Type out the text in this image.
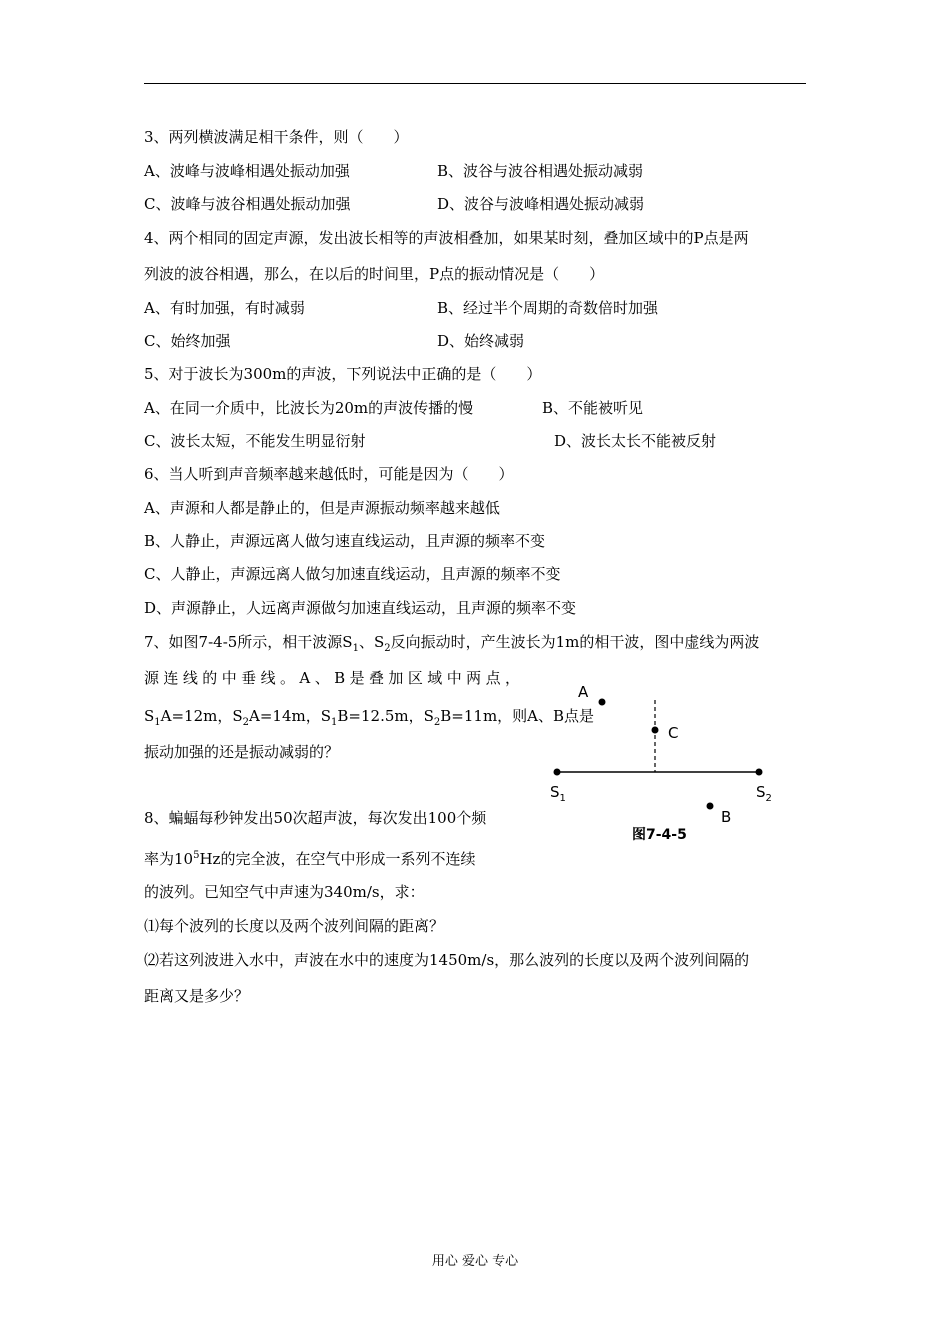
3、两列横波满足相干条件，则（　　）
A、波峰与波峰相遇处振动加强	B、波谷与波谷相遇处振动减弱
C、波峰与波谷相遇处振动加强	D、波谷与波峰相遇处振动减弱
4、两个相同的固定声源，发出波长相等的声波相叠加，如果某时刻，叠加区域中的P点是两
列波的波谷相遇，那么，在以后的时间里，P点的振动情况是（　　）
A、有时加强，有时减弱	B、经过半个周期的奇数倍时加强
C、始终加强	D、始终减弱
5、对于波长为300m的声波，下列说法中正确的是（　　）
A、在同一介质中，比波长为20m的声波传播的慢	B、不能被听见
C、波长太短，不能发生明显衍射	D、波长太长不能被反射
6、当人听到声音频率越来越低时，可能是因为（　　）
A、声源和人都是静止的，但是声源振动频率越来越低
B、人静止，声源远离人做匀速直线运动，且声源的频率不变
C、人静止，声源远离人做匀加速直线运动，且声源的频率不变
D、声源静止，人远离声源做匀加速直线运动，且声源的频率不变
7、如图7-4-5所示，相干波源$S_1$、$S_2$反向振动时，产生波长为1m的相干波，图中虚线为两波
源连线的中垂线。A、B是叠加区域中两点，
$S_1A=12m$，$S_2A=14m$，$S_1B=12.5m$，$S_2B=11m$，则A、B点是
振动加强的还是振动减弱的？
A
C
B
$S_1$	$S_2$
图7-4-5
8、蝙蝠每秒钟发出50次超声波，每次发出100个频
率为$10^5Hz$的完全波，在空气中形成一系列不连续
的波列。已知空气中声速为340m/s，求：
⑴每个波列的长度以及两个波列间隔的距离？
⑵若这列波进入水中，声波在水中的速度为1450m/s，那么波列的长度以及两个波列间隔的
距离又是多少？
用心 爱心 专心
